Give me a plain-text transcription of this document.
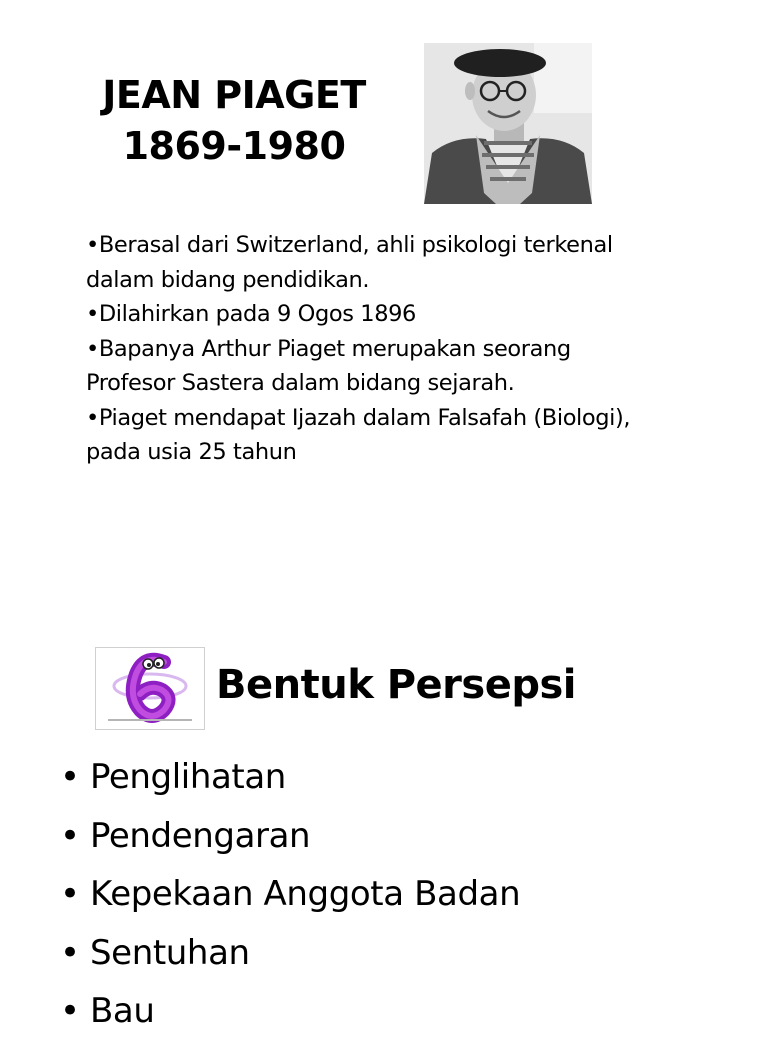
JEAN PIAGET
1869-1980
•Berasal dari Switzerland, ahli psikologi terkenal
dalam bidang pendidikan.
•Dilahirkan pada 9 Ogos 1896
•Bapanya Arthur Piaget merupakan seorang
Profesor Sastera dalam bidang sejarah.
•Piaget mendapat Ijazah dalam Falsafah (Biologi),
pada usia 25 tahun
Bentuk Persepsi
• Penglihatan
• Pendengaran
• Kepekaan Anggota Badan
• Sentuhan
• Bau
